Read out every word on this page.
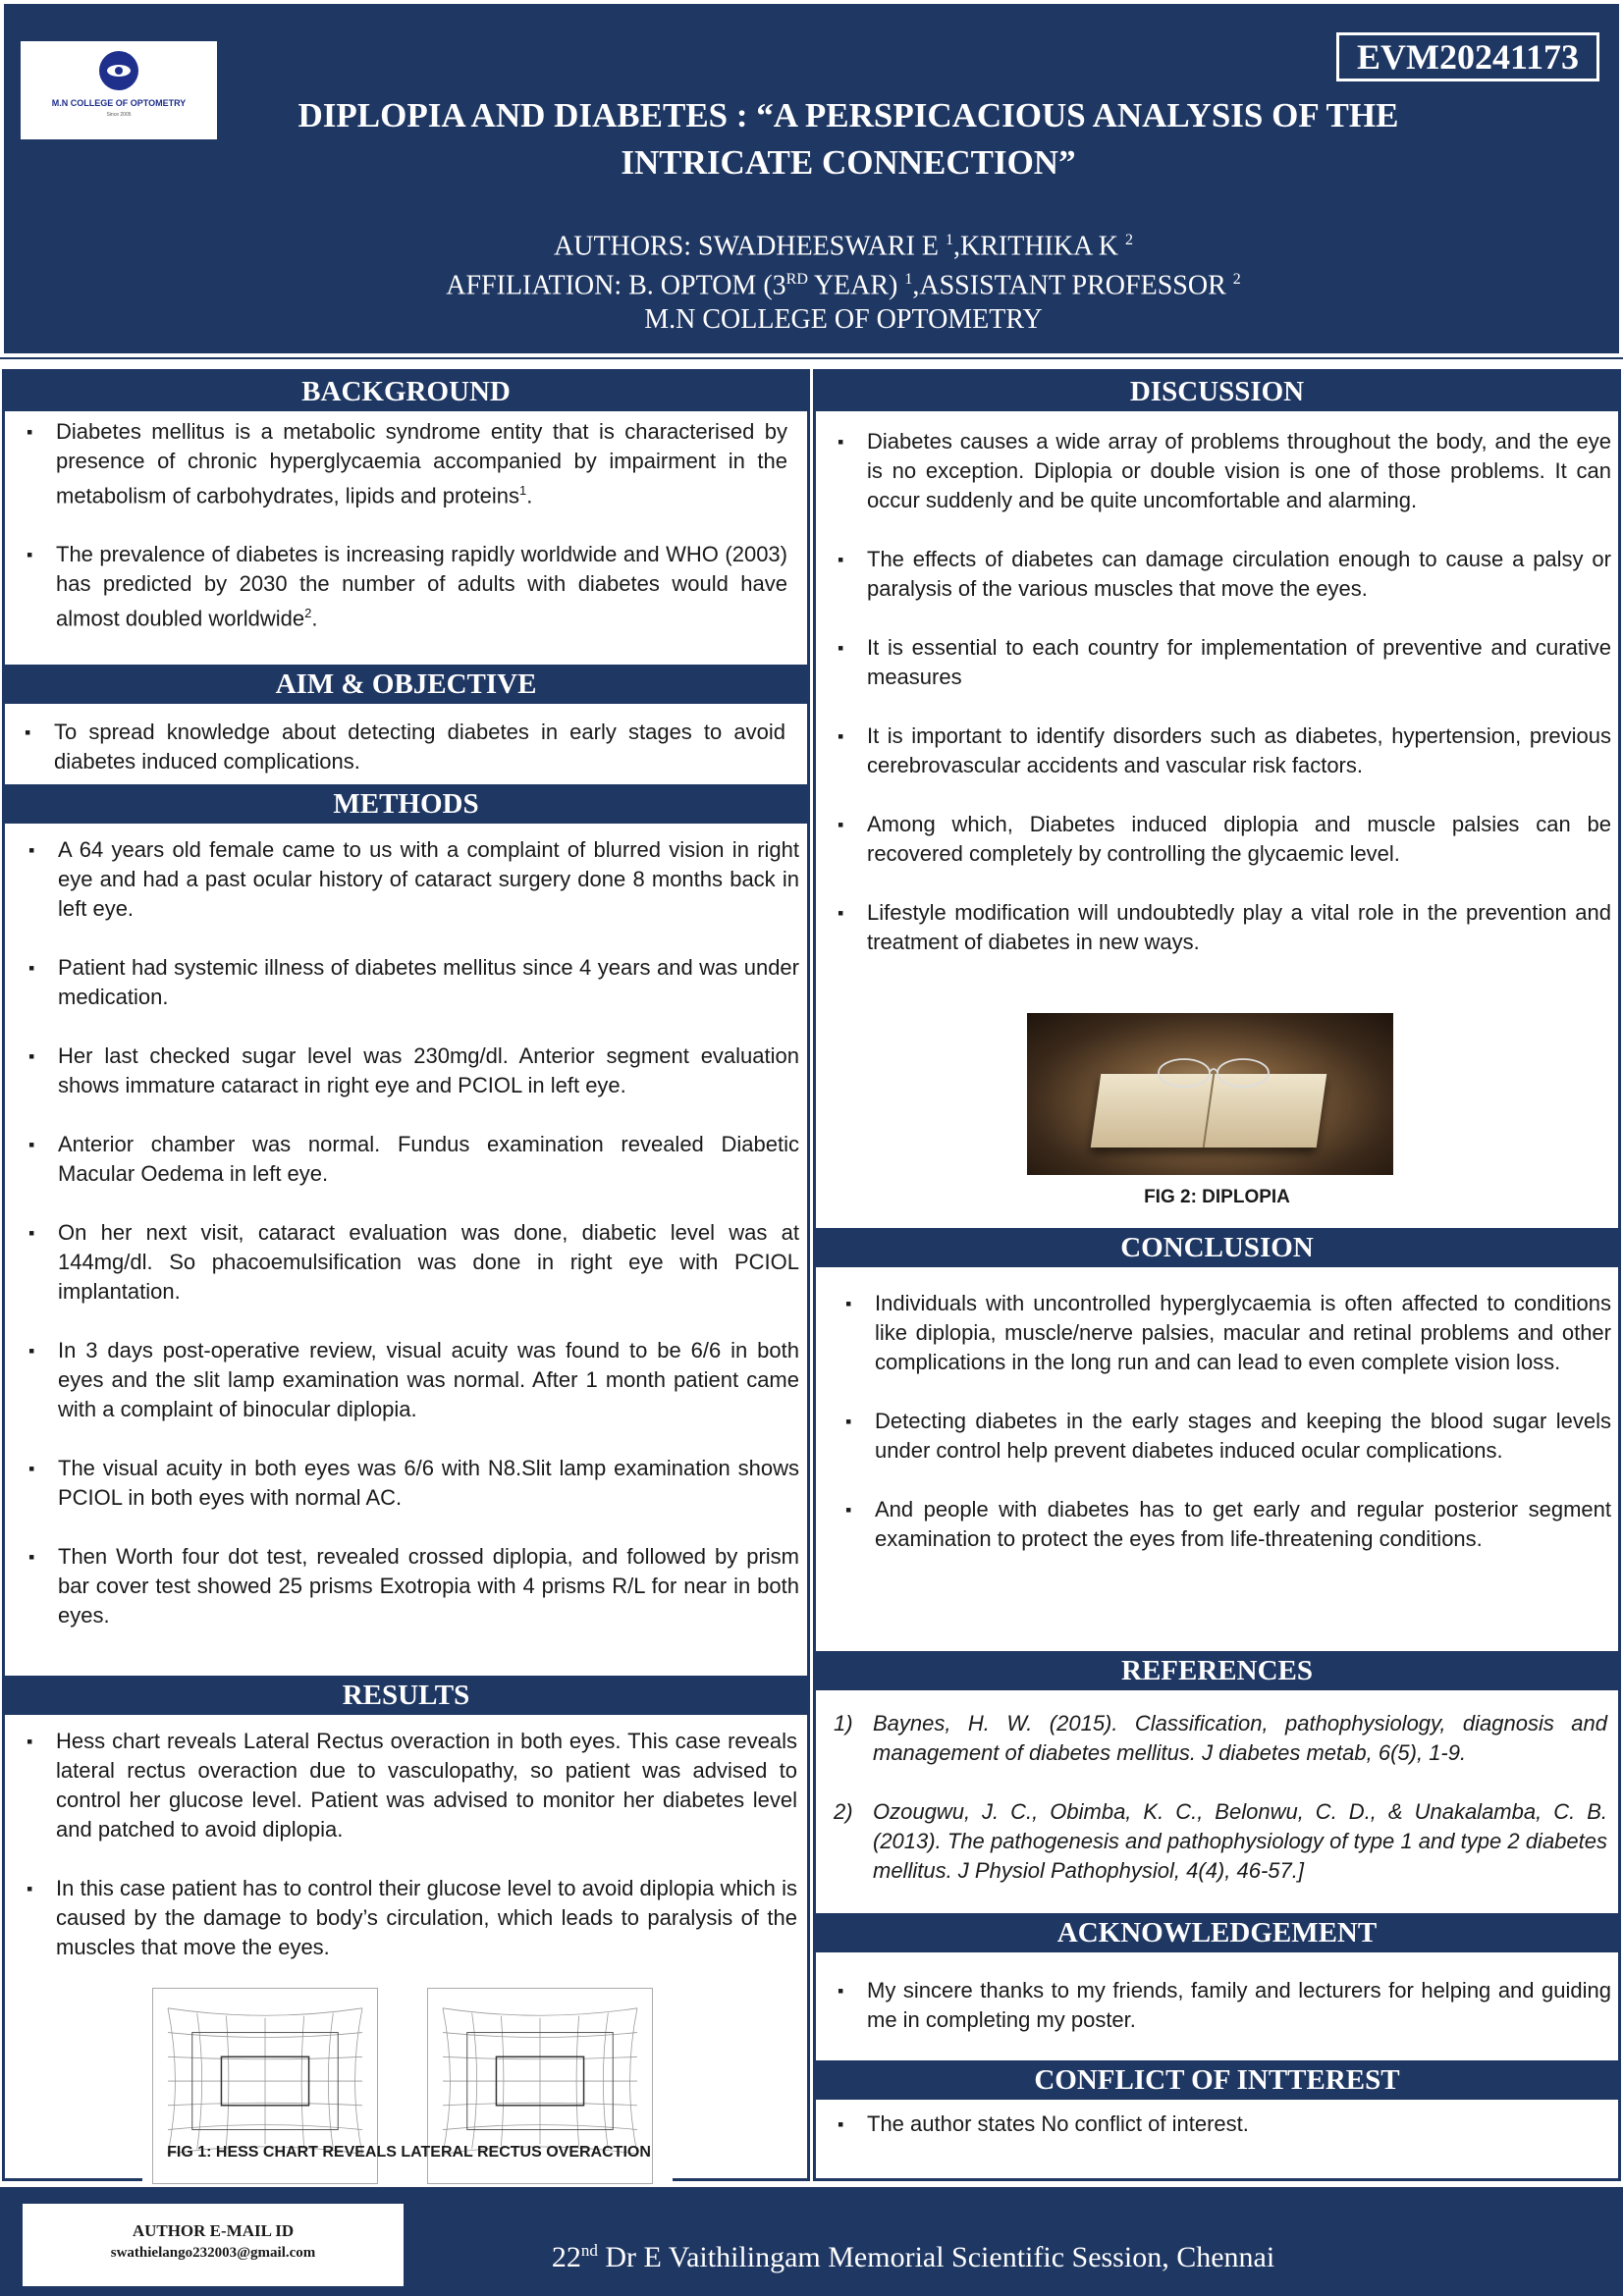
M.N COLLEGE OF OPTOMETRY
Since 2005
EVM20241173
DIPLOPIA AND DIABETES : “A PERSPICACIOUS ANALYSIS OF THE
INTRICATE CONNECTION”
AUTHORS: SWADHEESWARI E $^1$,KRITHIKA K $^2$
AFFILIATION: B. OPTOM (3RD YEAR) $^1$,ASSISTANT PROFESSOR $^2$
M.N COLLEGE OF OPTOMETRY
BACKGROUND
▪ Diabetes mellitus is a metabolic syndrome entity that is characterised by presence of chronic hyperglycaemia accompanied by impairment in the metabolism of carbohydrates, lipids and proteins$^1$.
▪ The prevalence of diabetes is increasing rapidly worldwide and WHO (2003) has predicted by 2030 the number of adults with diabetes would have almost doubled worldwide$^2$.
AIM & OBJECTIVE
▪ To spread knowledge about detecting diabetes in early stages to avoid diabetes induced complications.
METHODS
▪ A 64 years old female came to us with a complaint of blurred vision in right eye and had a past ocular history of cataract surgery done 8 months back in left eye.
▪ Patient had systemic illness of diabetes mellitus since 4 years and was under medication.
▪ Her last checked sugar level was 230mg/dl. Anterior segment evaluation shows immature cataract in right eye and PCIOL in left eye.
▪ Anterior chamber was normal. Fundus examination revealed Diabetic Macular Oedema in left eye.
▪ On her next visit, cataract evaluation was done, diabetic level was at 144mg/dl. So phacoemulsification was done in right eye with PCIOL implantation.
▪ In 3 days post-operative review, visual acuity was found to be 6/6 in both eyes and the slit lamp examination was normal. After 1 month patient came with a complaint of binocular diplopia.
▪ The visual acuity in both eyes was 6/6 with N8.Slit lamp examination shows PCIOL in both eyes with normal AC.
▪ Then Worth four dot test, revealed crossed diplopia, and followed by prism bar cover test showed 25 prisms Exotropia with 4 prisms R/L for near in both eyes.
RESULTS
▪ Hess chart reveals Lateral Rectus overaction in both eyes. This case reveals lateral rectus overaction due to vasculopathy, so patient was advised to control her glucose level. Patient was advised to monitor her diabetes level and patched to avoid diplopia.
▪ In this case patient has to control their glucose level to avoid diplopia which is caused by the damage to body’s circulation, which leads to paralysis of the muscles that move the eyes.
FIG 1: HESS CHART REVEALS LATERAL RECTUS OVERACTION
DISCUSSION
▪ Diabetes causes a wide array of problems throughout the body, and the eye is no exception. Diplopia or double vision is one of those problems. It can occur suddenly and be quite uncomfortable and alarming.
▪ The effects of diabetes can damage circulation enough to cause a palsy or paralysis of the various muscles that move the eyes.
▪ It is essential to each country for implementation of preventive and curative measures
▪ It is important to identify disorders such as diabetes, hypertension, previous cerebrovascular accidents and vascular risk factors.
▪ Among which, Diabetes induced diplopia and muscle palsies can be recovered completely by controlling the glycaemic level.
▪ Lifestyle modification will undoubtedly play a vital role in the prevention and treatment of diabetes in new ways.
FIG 2: DIPLOPIA
CONCLUSION
▪ Individuals with uncontrolled hyperglycaemia is often affected to conditions like diplopia, muscle/nerve palsies, macular and retinal problems and other complications in the long run and can lead to even complete vision loss.
▪ Detecting diabetes in the early stages and keeping the blood sugar levels under control help prevent diabetes induced ocular complications.
▪ And people with diabetes has to get early and regular posterior segment examination to protect the eyes from life-threatening conditions.
REFERENCES
1) Baynes, H. W. (2015). Classification, pathophysiology, diagnosis and management of diabetes mellitus. J diabetes metab, 6(5), 1-9.
2) Ozougwu, J. C., Obimba, K. C., Belonwu, C. D., & Unakalamba, C. B. (2013). The pathogenesis and pathophysiology of type 1 and type 2 diabetes mellitus. J Physiol Pathophysiol, 4(4), 46-57.]
ACKNOWLEDGEMENT
▪ My sincere thanks to my friends, family and lecturers for helping and guiding me in completing my poster.
CONFLICT OF INTTEREST
▪ The author states No conflict of interest.
AUTHOR E-MAIL ID
swathielango232003@gmail.com	22nd Dr E Vaithilingam Memorial Scientific Session, Chennai
